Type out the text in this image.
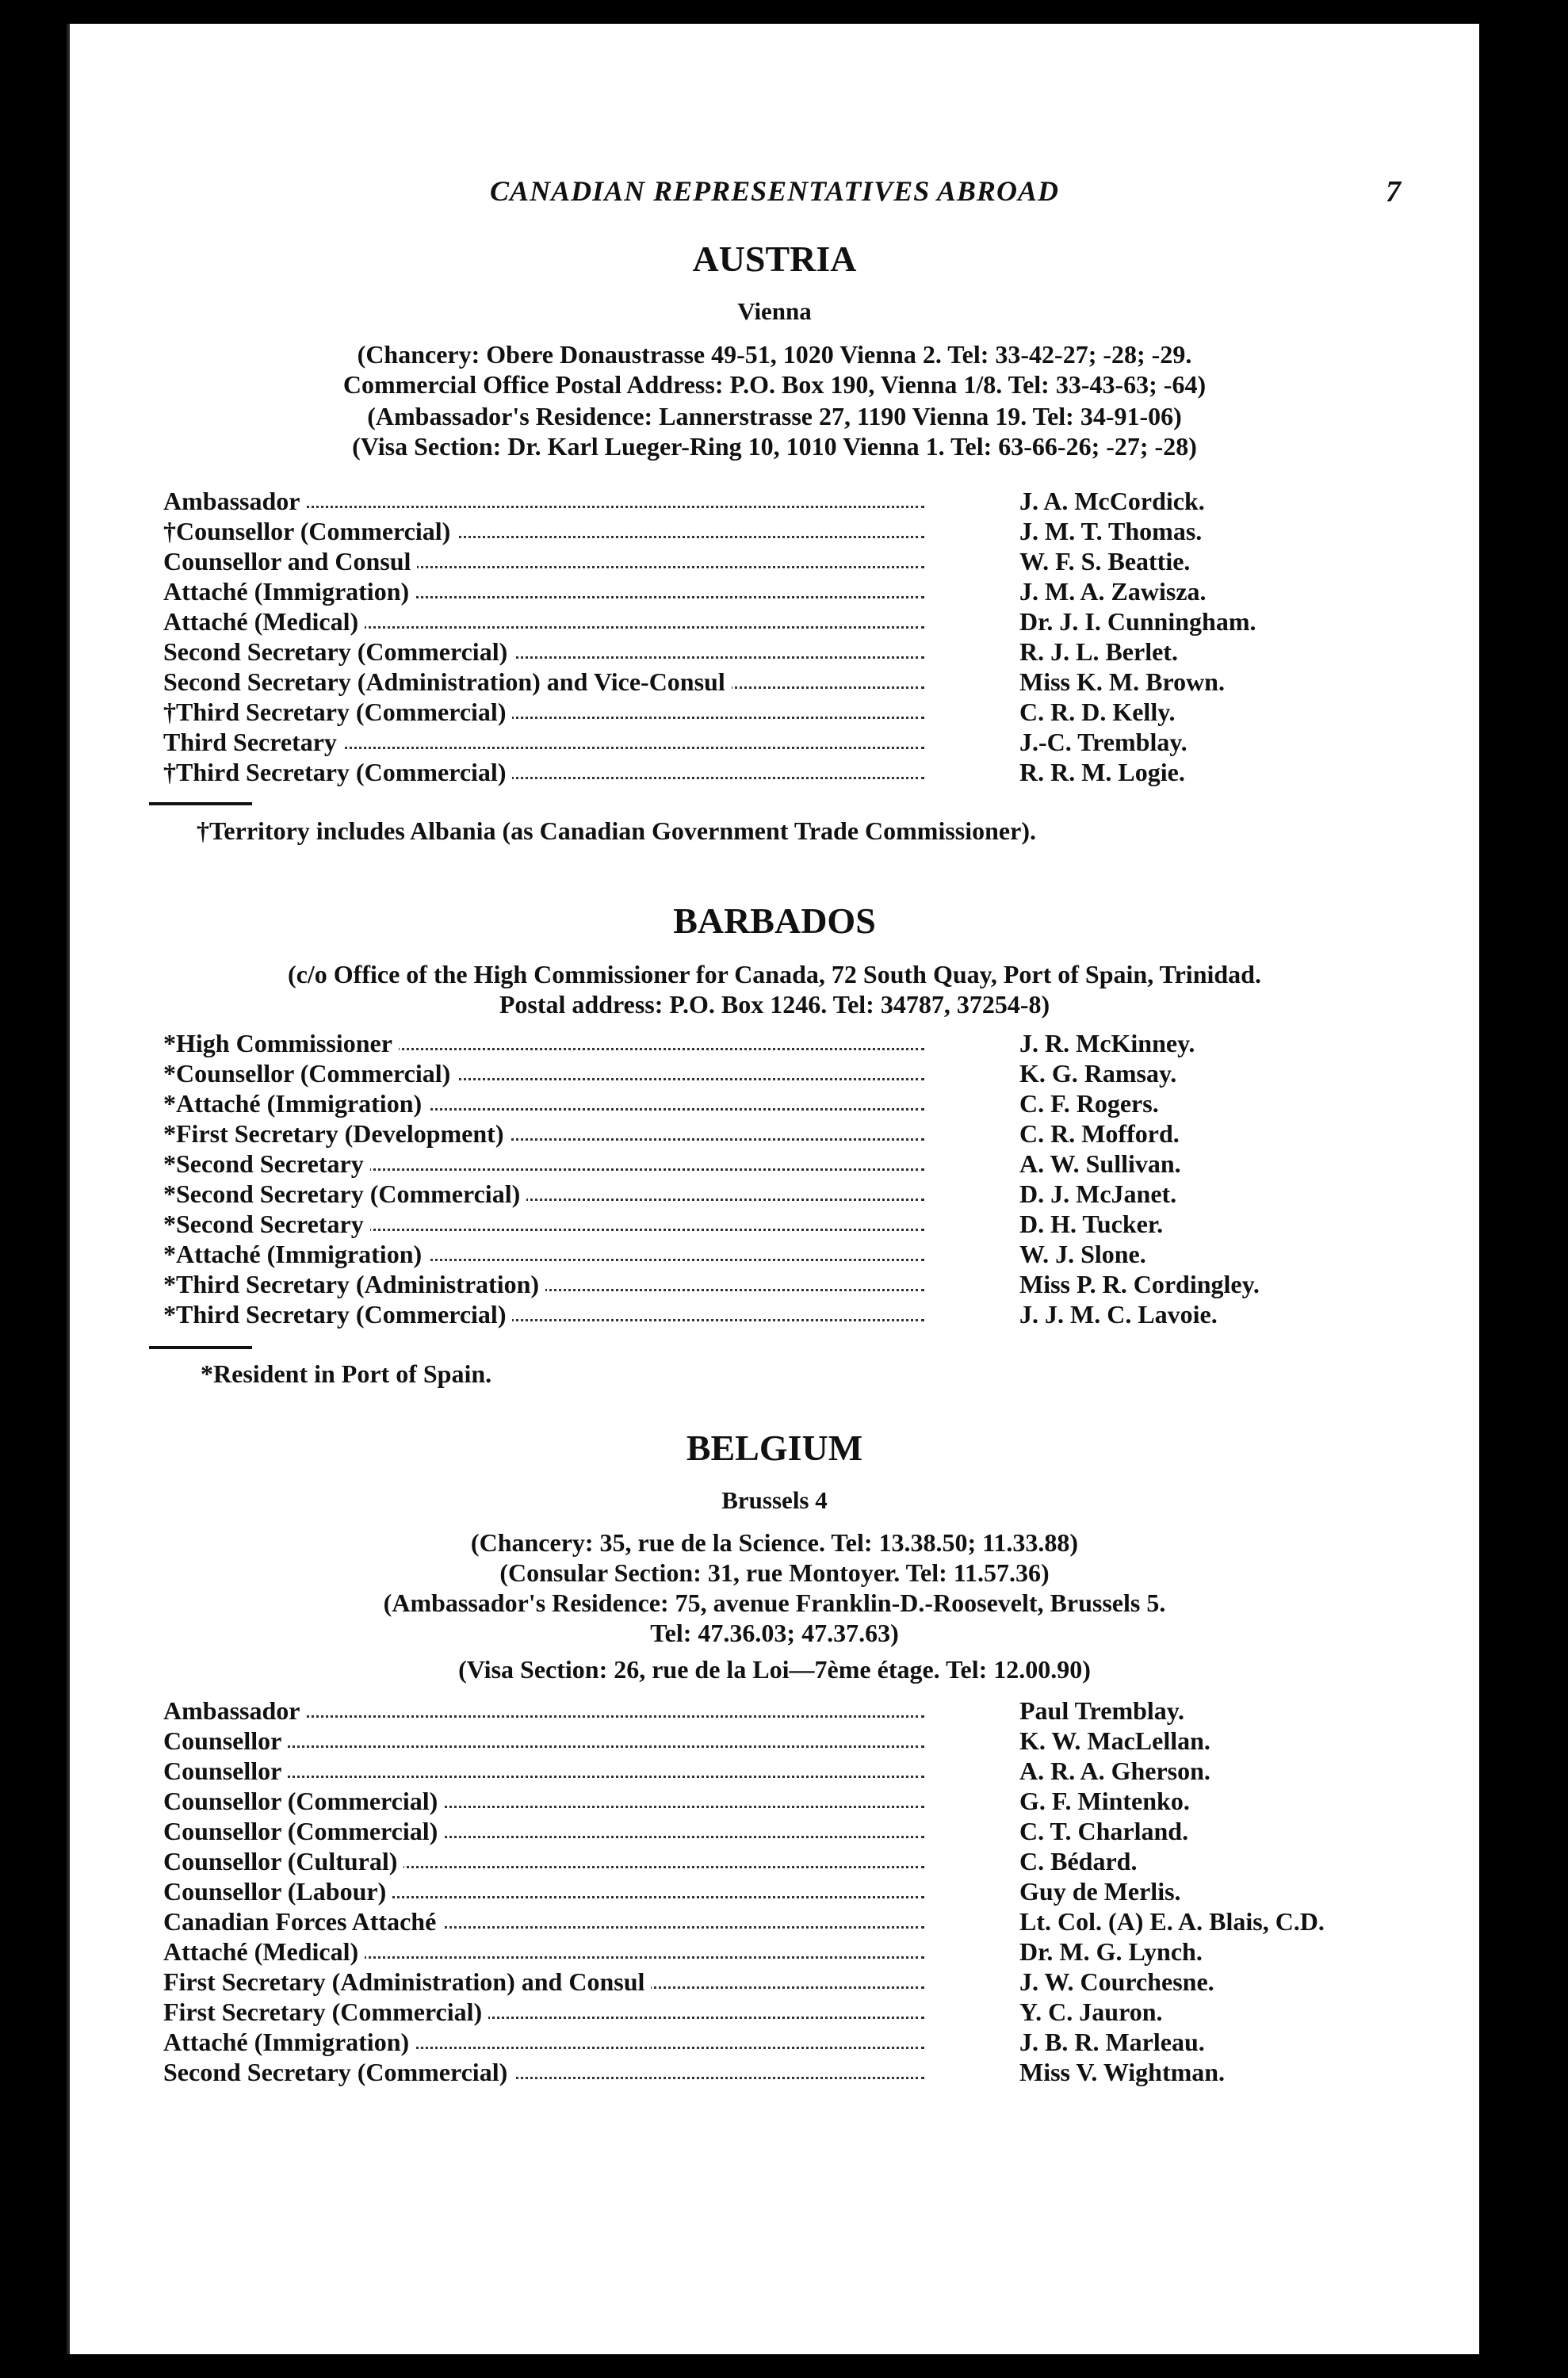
CANADIAN REPRESENTATIVES ABROAD	7
AUSTRIA
Vienna
(Chancery: Obere Donaustrasse 49-51, 1020 Vienna 2. Tel: 33-42-27; -28; -29.
Commercial Office Postal Address: P.O. Box 190, Vienna 1/8. Tel: 33-43-63; -64)
(Ambassador's Residence: Lannerstrasse 27, 1190 Vienna 19. Tel: 34-91-06)
(Visa Section: Dr. Karl Lueger-Ring 10, 1010 Vienna 1. Tel: 63-66-26; -27; -28)
Ambassador	J. A. McCordick.
†Counsellor (Commercial)	J. M. T. Thomas.
Counsellor and Consul	W. F. S. Beattie.
Attaché (Immigration)	J. M. A. Zawisza.
Attaché (Medical)	Dr. J. I. Cunningham.
Second Secretary (Commercial)	R. J. L. Berlet.
Second Secretary (Administration) and Vice-Consul	Miss K. M. Brown.
†Third Secretary (Commercial)	C. R. D. Kelly.
Third Secretary	J.-C. Tremblay.
†Third Secretary (Commercial)	R. R. M. Logie.
†Territory includes Albania (as Canadian Government Trade Commissioner).
BARBADOS
(c/o Office of the High Commissioner for Canada, 72 South Quay, Port of Spain, Trinidad.
Postal address: P.O. Box 1246. Tel: 34787, 37254-8)
*High Commissioner	J. R. McKinney.
*Counsellor (Commercial)	K. G. Ramsay.
*Attaché (Immigration)	C. F. Rogers.
*First Secretary (Development)	C. R. Mofford.
*Second Secretary	A. W. Sullivan.
*Second Secretary (Commercial)	D. J. McJanet.
*Second Secretary	D. H. Tucker.
*Attaché (Immigration)	W. J. Slone.
*Third Secretary (Administration)	Miss P. R. Cordingley.
*Third Secretary (Commercial)	J. J. M. C. Lavoie.
*Resident in Port of Spain.
BELGIUM
Brussels 4
(Chancery: 35, rue de la Science. Tel: 13.38.50; 11.33.88)
(Consular Section: 31, rue Montoyer. Tel: 11.57.36)
(Ambassador's Residence: 75, avenue Franklin-D.-Roosevelt, Brussels 5.
Tel: 47.36.03; 47.37.63)
(Visa Section: 26, rue de la Loi—7ème étage. Tel: 12.00.90)
Ambassador	Paul Tremblay.
Counsellor	K. W. MacLellan.
Counsellor	A. R. A. Gherson.
Counsellor (Commercial)	G. F. Mintenko.
Counsellor (Commercial)	C. T. Charland.
Counsellor (Cultural)	C. Bédard.
Counsellor (Labour)	Guy de Merlis.
Canadian Forces Attaché	Lt. Col. (A) E. A. Blais, C.D.
Attaché (Medical)	Dr. M. G. Lynch.
First Secretary (Administration) and Consul	J. W. Courchesne.
First Secretary (Commercial)	Y. C. Jauron.
Attaché (Immigration)	J. B. R. Marleau.
Second Secretary (Commercial)	Miss V. Wightman.
